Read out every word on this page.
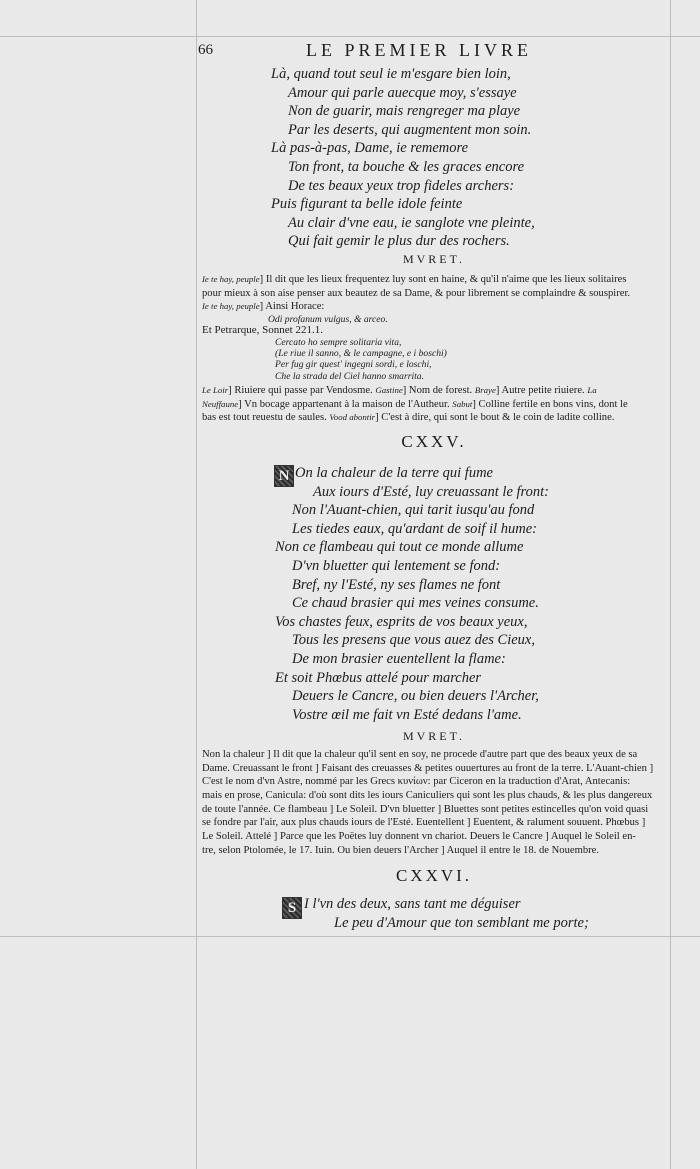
66	LE PREMIER LIVRE
Là, quand tout seul ie m'esgare bien loin,
Amour qui parle auecque moy, s'essaye
Non de guarir, mais rengreger ma playe
Par les deserts, qui augmentent mon soin.
Là pas-à-pas, Dame, ie rememore
Ton front, ta bouche & les graces encore
De tes beaux yeux trop fideles archers:
Puis figurant ta belle idole feinte
Au clair d'vne eau, ie sanglote vne pleinte,
Qui fait gemir le plus dur des rochers.
MVRET.
Ie te hay, peuple] Il dit que les lieux frequentez luy sont en haine, & qu'il n'aime que les lieux solitaires
pour mieux à son aise penser aux beautez de sa Dame, & pour librement se complaindre & souspirer.
Ie te hay, peuple] Ainsi Horace:
Odi profanum vulgus, & arceo.
Et Petrarque, Sonnet 221.1.
Cercato ho sempre solitaria vita,
(Le riue il sanno, & le campagne, e i boschi)
Per fug gir quest' ingegni sordi, e loschi,
Che la strada del Ciel hanno smarrita.
Le Loir] Riuiere qui passe par Vendosme. Gastine] Nom de forest. Braye] Autre petite riuiere. La
Neuffaune] Vn bocage appartenant à la maison de l'Autheur. Sabut] Colline fertile en bons vins, dont le
bas est tout reuestu de saules. Vood abontir] C'est à dire, qui sont le bout & le coin de ladite colline.
CXXV.
N On la chaleur de la terre qui fume
Aux iours d'Esté, luy creuassant le front:
Non l'Auant-chien, qui tarit iusqu'au fond
Les tiedes eaux, qu'ardant de soif il hume:
Non ce flambeau qui tout ce monde allume
D'vn bluetter qui lentement se fond:
Bref, ny l'Esté, ny ses flames ne font
Ce chaud brasier qui mes veines consume.
Vos chastes feux, esprits de vos beaux yeux,
Tous les presens que vous auez des Cieux,
De mon brasier euentellent la flame:
Et soit Phœbus attelé pour marcher
Deuers le Cancre, ou bien deuers l'Archer,
Vostre œil me fait vn Esté dedans l'ame.
MVRET.
Non la chaleur ] Il dit que la chaleur qu'il sent en soy, ne procede d'autre part que des beaux yeux de sa
Dame. Creuassant le front ] Faisant des creuasses & petites ouuertures au front de la terre. L'Auant-chien ]
C'est le nom d'vn Astre, nommé par les Grecs κυνίων: par Ciceron en la traduction d'Arat, Antecanis:
mais en prose, Canicula: d'où sont dits les iours Caniculiers qui sont les plus chauds, & les plus dangereux
de toute l'année. Ce flambeau ] Le Soleil. D'vn bluetter ] Bluettes sont petites estincelles qu'on void quasi
se fondre par l'air, aux plus chauds iours de l'Esté. Euentellent ] Euentent, & ralument souuent. Phœbus ]
Le Soleil. Attelé ] Parce que les Poëtes luy donnent vn chariot. Deuers le Cancre ] Auquel le Soleil en-
tre, selon Ptolomée, le 17. Iuin. Ou bien deuers l'Archer ] Auquel il entre le 18. de Nouembre.
CXXVI.
S I l'vn des deux, sans tant me déguiser
Le peu d'Amour que ton semblant me porte;
